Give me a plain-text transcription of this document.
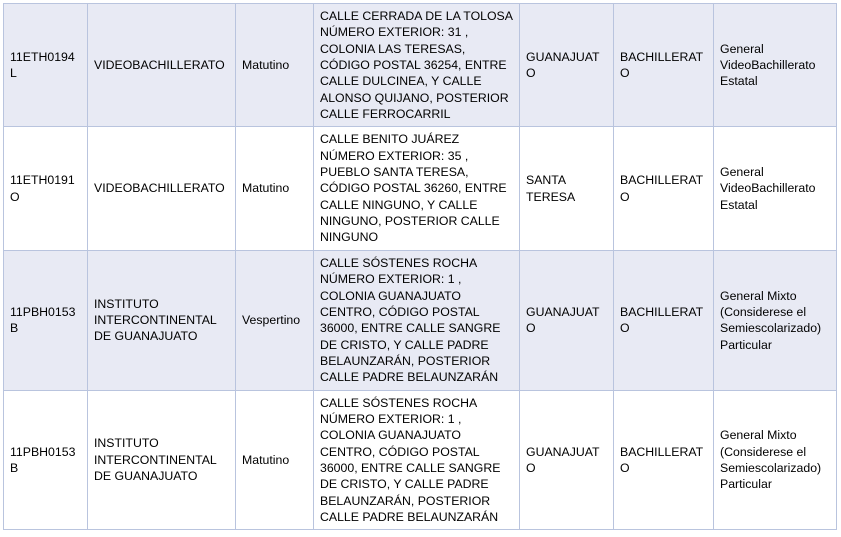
11ETH0194L	VIDEOBACHILLERATO	Matutino	CALLE CERRADA DE LA TOLOSA NÚMERO EXTERIOR: 31 , COLONIA LAS TERESAS, CÓDIGO POSTAL 36254, ENTRE CALLE DULCINEA, Y CALLE ALONSO QUIJANO, POSTERIOR CALLE FERROCARRIL	GUANAJUATO	BACHILLERATO	General VideoBachillerato Estatal
11ETH0191O	VIDEOBACHILLERATO	Matutino	CALLE BENITO JUÁREZ NÚMERO EXTERIOR: 35 , PUEBLO SANTA TERESA, CÓDIGO POSTAL 36260, ENTRE CALLE NINGUNO, Y CALLE NINGUNO, POSTERIOR CALLE NINGUNO	SANTA TERESA	BACHILLERATO	General VideoBachillerato Estatal
11PBH0153B	INSTITUTO INTERCONTINENTAL DE GUANAJUATO	Vespertino	CALLE SÓSTENES ROCHA NÚMERO EXTERIOR: 1 , COLONIA GUANAJUATO CENTRO, CÓDIGO POSTAL 36000, ENTRE CALLE SANGRE DE CRISTO, Y CALLE PADRE BELAUNZARÁN, POSTERIOR CALLE PADRE BELAUNZARÁN	GUANAJUATO	BACHILLERATO	General Mixto (Considerese el Semiescolarizado) Particular
11PBH0153B	INSTITUTO INTERCONTINENTAL DE GUANAJUATO	Matutino	CALLE SÓSTENES ROCHA NÚMERO EXTERIOR: 1 , COLONIA GUANAJUATO CENTRO, CÓDIGO POSTAL 36000, ENTRE CALLE SANGRE DE CRISTO, Y CALLE PADRE BELAUNZARÁN, POSTERIOR CALLE PADRE BELAUNZARÁN	GUANAJUATO	BACHILLERATO	General Mixto (Considerese el Semiescolarizado) Particular
